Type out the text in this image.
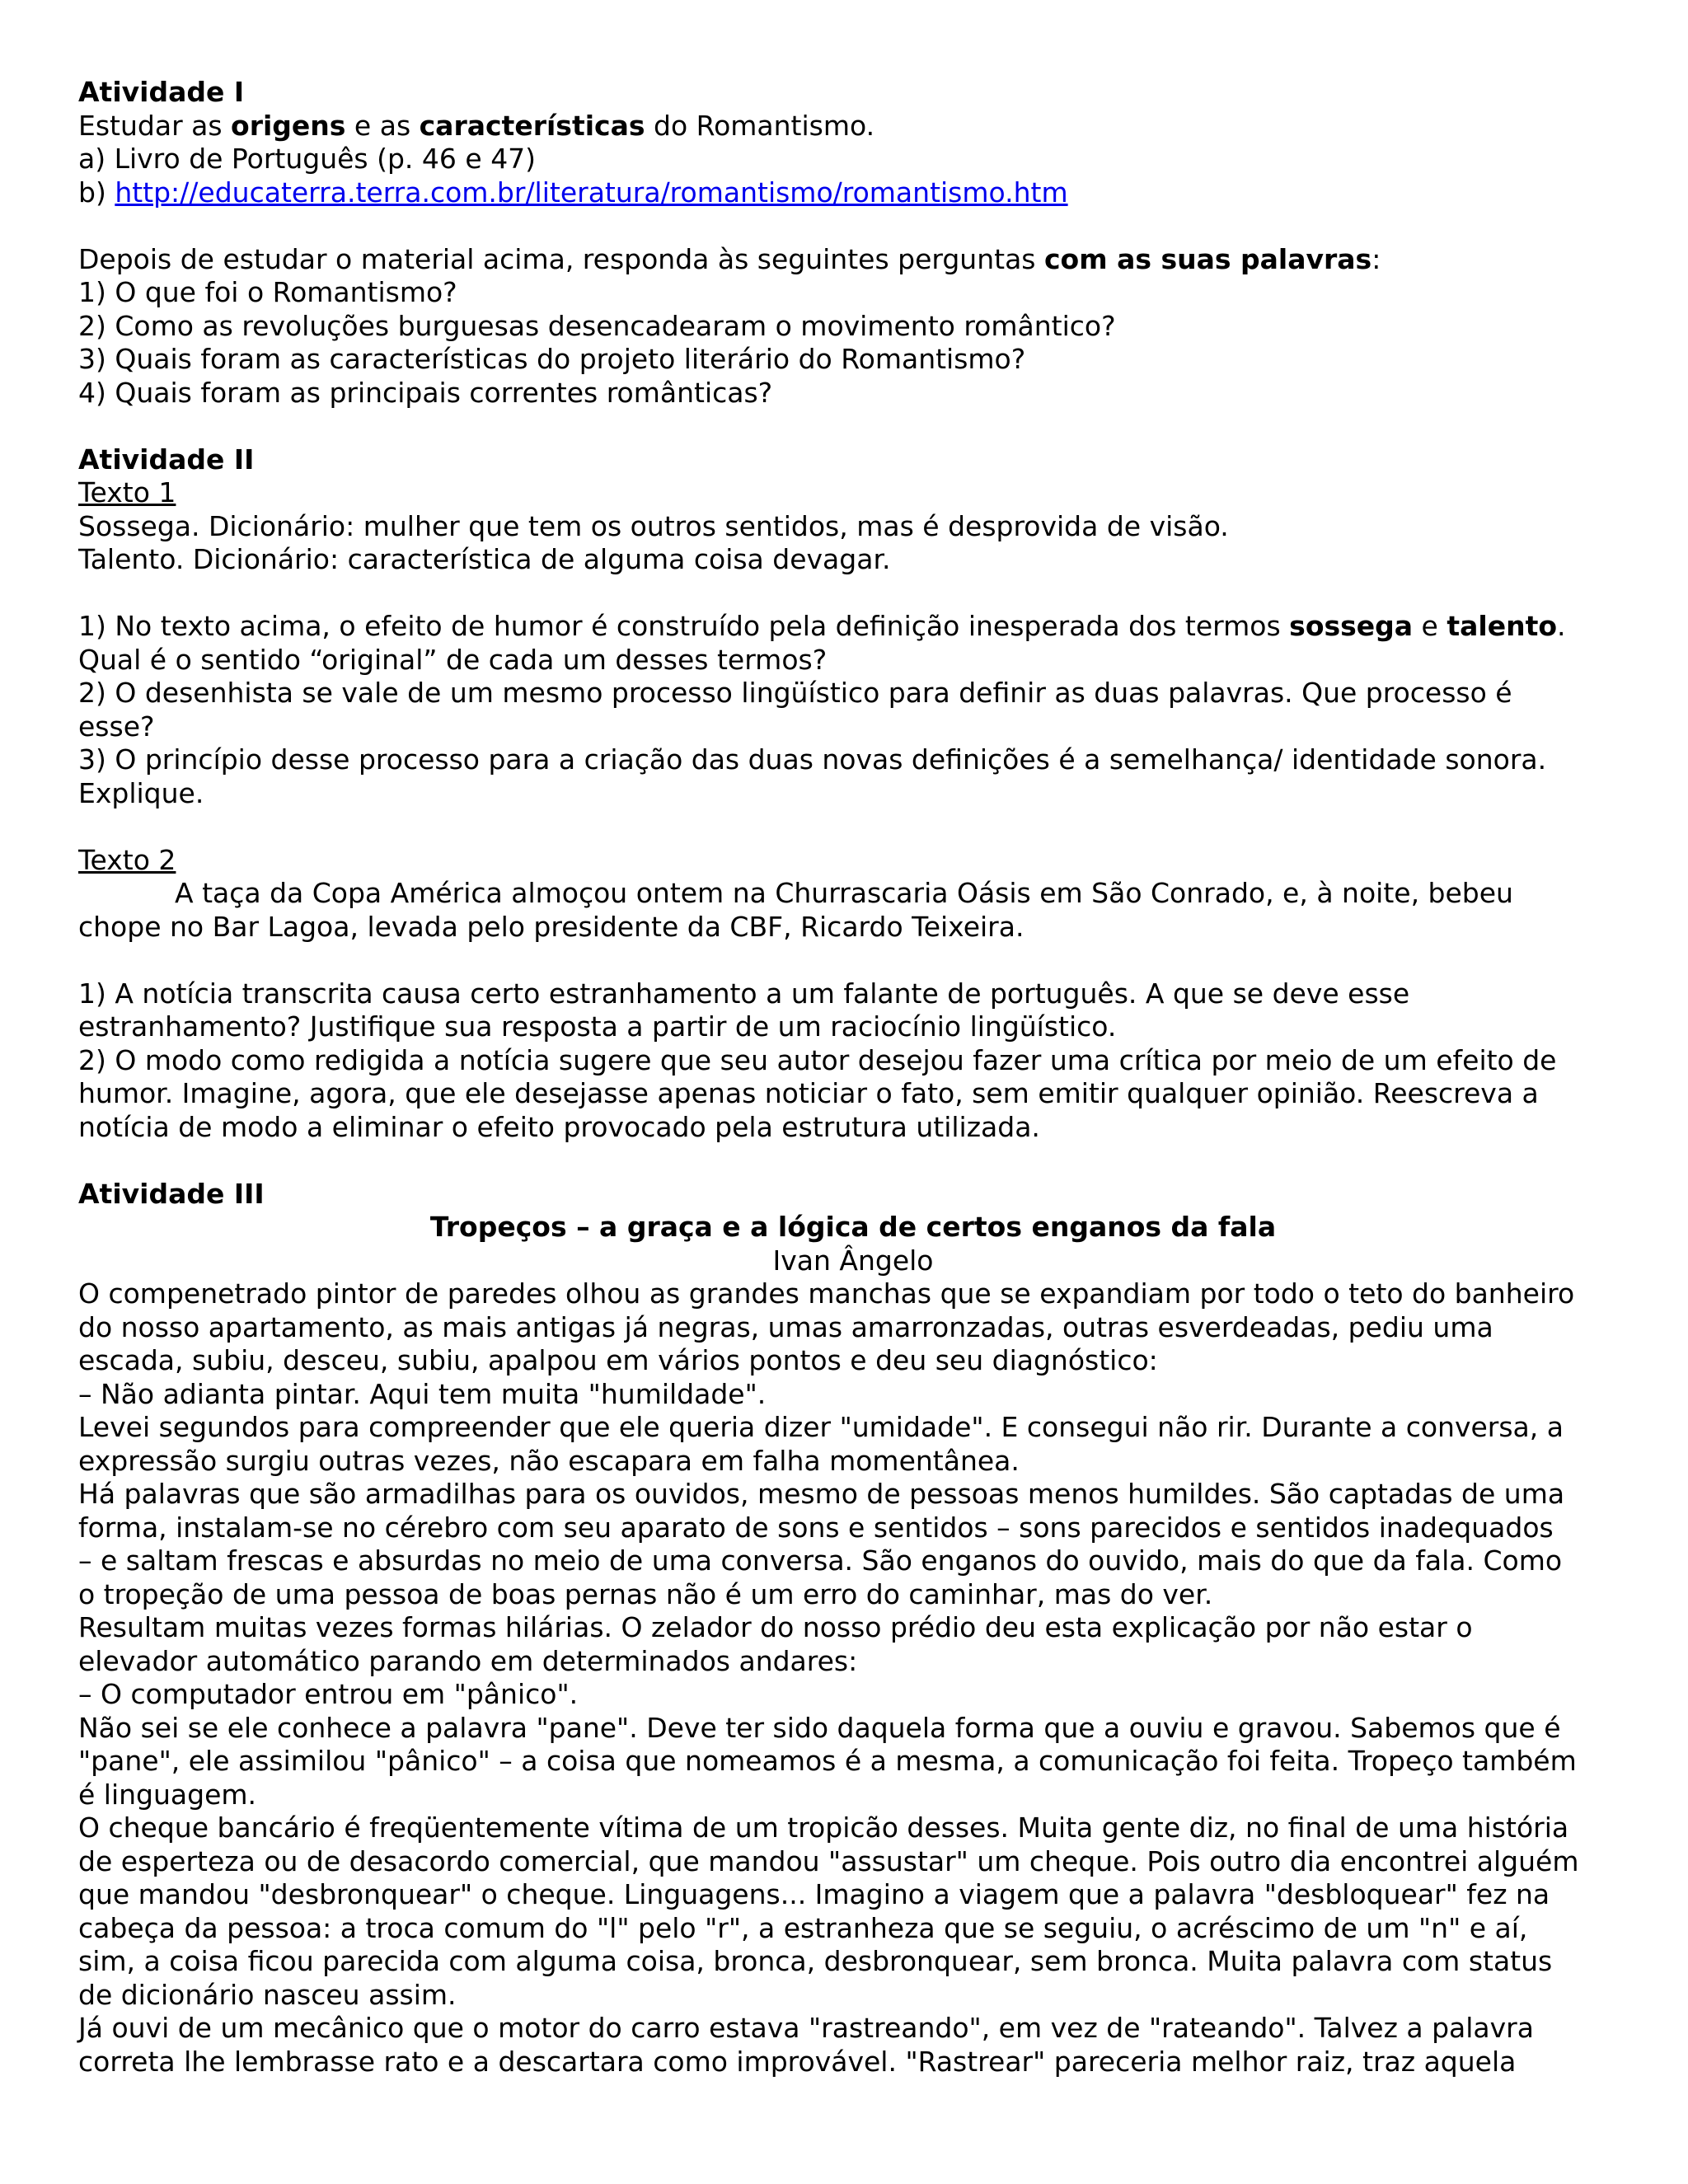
Atividade I
Estudar as origens e as características do Romantismo.
a) Livro de Português (p. 46 e 47)
b) http://educaterra.terra.com.br/literatura/romantismo/romantismo.htm
Depois de estudar o material acima, responda às seguintes perguntas com as suas palavras:
1) O que foi o Romantismo?
2) Como as revoluções burguesas desencadearam o movimento romântico?
3) Quais foram as características do projeto literário do Romantismo?
4) Quais foram as principais correntes românticas?
Atividade II
Texto 1
Sossega. Dicionário: mulher que tem os outros sentidos, mas é desprovida de visão.
Talento. Dicionário: característica de alguma coisa devagar.
1) No texto acima, o efeito de humor é construído pela definição inesperada dos termos sossega e talento.
Qual é o sentido “original” de cada um desses termos?
2) O desenhista se vale de um mesmo processo lingüístico para definir as duas palavras. Que processo é
esse?
3) O princípio desse processo para a criação das duas novas definições é a semelhança/ identidade sonora.
Explique.
Texto 2
A taça da Copa América almoçou ontem na Churrascaria Oásis em São Conrado, e, à noite, bebeu
chope no Bar Lagoa, levada pelo presidente da CBF, Ricardo Teixeira.
1) A notícia transcrita causa certo estranhamento a um falante de português. A que se deve esse
estranhamento? Justifique sua resposta a partir de um raciocínio lingüístico.
2) O modo como redigida a notícia sugere que seu autor desejou fazer uma crítica por meio de um efeito de
humor. Imagine, agora, que ele desejasse apenas noticiar o fato, sem emitir qualquer opinião. Reescreva a
notícia de modo a eliminar o efeito provocado pela estrutura utilizada.
Atividade III
Tropeços – a graça e a lógica de certos enganos da fala
Ivan Ângelo
O compenetrado pintor de paredes olhou as grandes manchas que se expandiam por todo o teto do banheiro
do nosso apartamento, as mais antigas já negras, umas amarronzadas, outras esverdeadas, pediu uma
escada, subiu, desceu, subiu, apalpou em vários pontos e deu seu diagnóstico:
– Não adianta pintar. Aqui tem muita "humildade".
Levei segundos para compreender que ele queria dizer "umidade". E consegui não rir. Durante a conversa, a
expressão surgiu outras vezes, não escapara em falha momentânea.
Há palavras que são armadilhas para os ouvidos, mesmo de pessoas menos humildes. São captadas de uma
forma, instalam-se no cérebro com seu aparato de sons e sentidos – sons parecidos e sentidos inadequados
– e saltam frescas e absurdas no meio de uma conversa. São enganos do ouvido, mais do que da fala. Como
o tropeção de uma pessoa de boas pernas não é um erro do caminhar, mas do ver.
Resultam muitas vezes formas hilárias. O zelador do nosso prédio deu esta explicação por não estar o
elevador automático parando em determinados andares:
– O computador entrou em "pânico".
Não sei se ele conhece a palavra "pane". Deve ter sido daquela forma que a ouviu e gravou. Sabemos que é
"pane", ele assimilou "pânico" – a coisa que nomeamos é a mesma, a comunicação foi feita. Tropeço também
é linguagem.
O cheque bancário é freqüentemente vítima de um tropicão desses. Muita gente diz, no final de uma história
de esperteza ou de desacordo comercial, que mandou "assustar" um cheque. Pois outro dia encontrei alguém
que mandou "desbronquear" o cheque. Linguagens... Imagino a viagem que a palavra "desbloquear" fez na
cabeça da pessoa: a troca comum do "l" pelo "r", a estranheza que se seguiu, o acréscimo de um "n" e aí,
sim, a coisa ficou parecida com alguma coisa, bronca, desbronquear, sem bronca. Muita palavra com status
de dicionário nasceu assim.
Já ouvi de um mecânico que o motor do carro estava "rastreando", em vez de "rateando". Talvez a palavra
correta lhe lembrasse rato e a descartara como improvável. "Rastrear" pareceria melhor raiz, traz aquela
